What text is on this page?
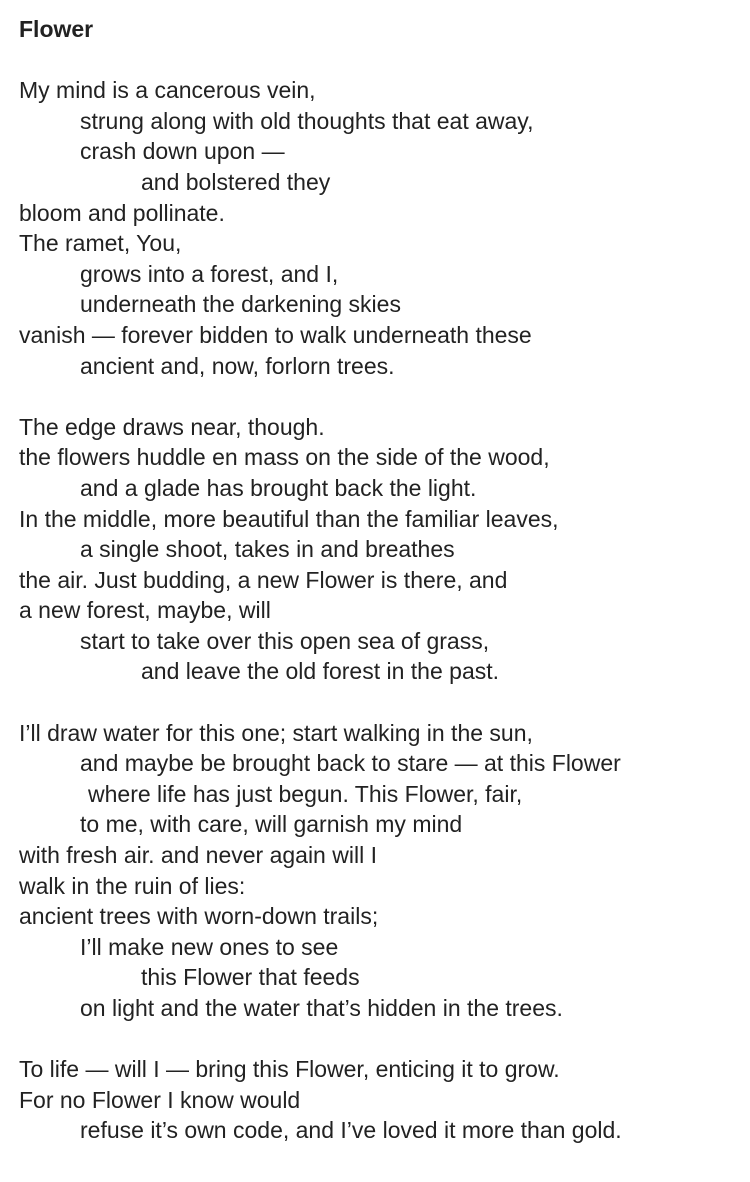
Flower
My mind is a cancerous vein,
strung along with old thoughts that eat away,
crash down upon —
and bolstered they
bloom and pollinate.
The ramet, You,
grows into a forest, and I,
underneath the darkening skies
vanish — forever bidden to walk underneath these
ancient and, now, forlorn trees.
The edge draws near, though.
the flowers huddle en mass on the side of the wood,
and a glade has brought back the light.
In the middle, more beautiful than the familiar leaves,
a single shoot, takes in and breathes
the air. Just budding, a new Flower is there, and
a new forest, maybe, will
start to take over this open sea of grass,
and leave the old forest in the past.
I’ll draw water for this one; start walking in the sun,
and maybe be brought back to stare — at this Flower
where life has just begun. This Flower, fair,
to me, with care, will garnish my mind
with fresh air. and never again will I
walk in the ruin of lies:
ancient trees with worn-down trails;
I’ll make new ones to see
this Flower that feeds
on light and the water that’s hidden in the trees.
To life — will I — bring this Flower, enticing it to grow.
For no Flower I know would
refuse it’s own code, and I’ve loved it more than gold.
